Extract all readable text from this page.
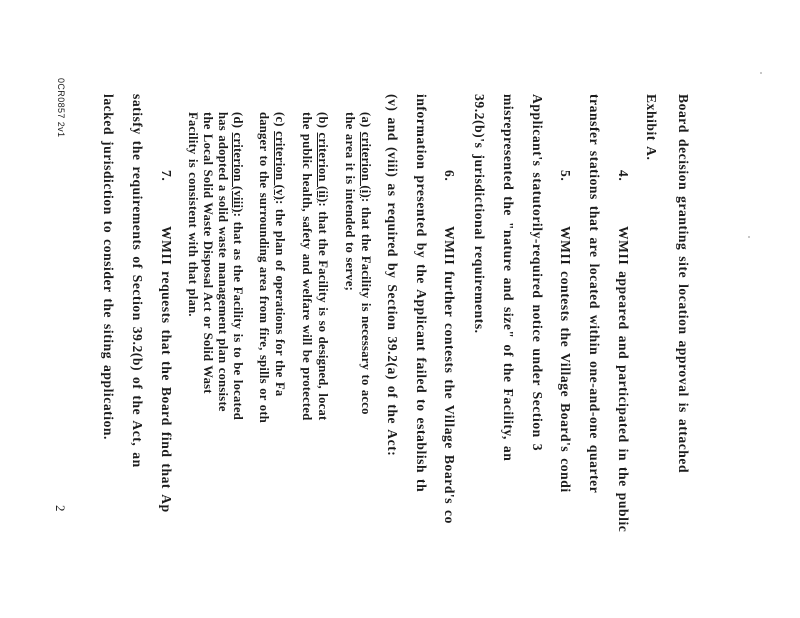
Board decision granting site location approval is attached
Exhibit A.
4.
WMII appeared and participated in the public
transfer stations that are located within one-and-one quarter
5.
WMII contests the Village Board's condi
Applicant's statutorily-required notice under Section 3
misrepresented the "nature and size" of the Facility, an
39.2(b)'s jurisdictional requirements.
6.
WMII further contests the Village Board's co
information presented by the Applicant failed to establish th
(v) and (viii) as required by Section 39.2(a) of the Act:
(a) criterion (i): that the Facility is necessary to acco
the area it is intended to serve;
(b) criterion (ii): that the Facility is so designed, locat
the public health, safety and welfare will be protected
(c) criterion (v): the plan of operations for the Fa
danger to the surrounding area from fire, spills or oth
(d) criterion (viii): that as the Facility is to be located
has adopted a solid waste management plan consiste
the Local Solid Waste Disposal Act or Solid Wast
Facility is consistent with that plan.
7.
WMII requests that the Board find that Ap
satisfy the requirements of Section 39.2(b) of the Act, an
lacked jurisdiction to consider the siting application.
2
0CR0857 2v1
